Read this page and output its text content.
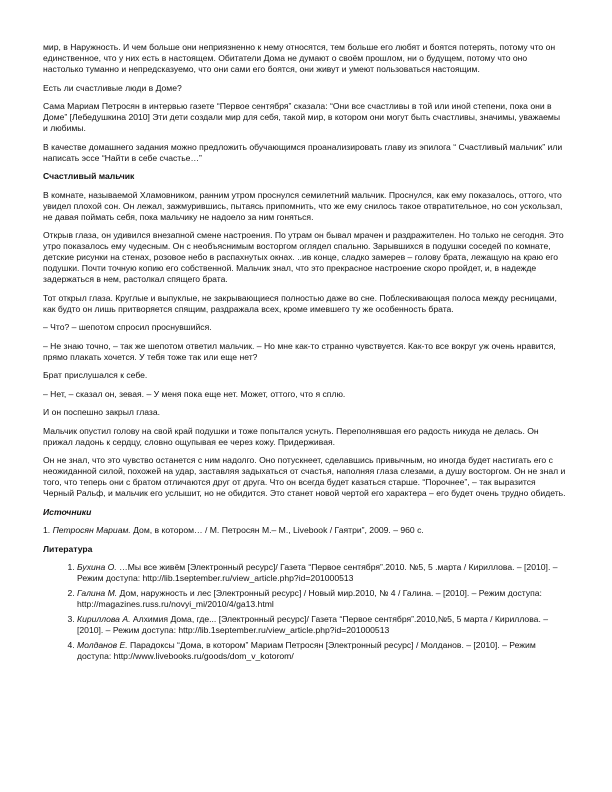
мир, в Наружность. И чем больше они неприязненно к нему относятся, тем больше его любят и боятся потерять, потому что он единственное, что у них есть в настоящем. Обитатели Дома не думают о своём прошлом, ни о будущем, потому что оно настолько туманно и непредсказуемо, что они сами его боятся, они живут и умеют пользоваться настоящим.

Есть ли счастливые люди в Доме?

Сама Мариам Петросян в интервью газете “Первое сентября” сказала: “Они все счастливы в той или иной степени, пока они в Доме” [Лебедушкина 2010] Эти дети создали мир для себя, такой мир, в котором они могут быть счастливы, значимы, уважаемы и любимы.

В качестве домашнего задания можно предложить обучающимся проанализировать главу из эпилога “ Счастливый мальчик” или написать эссе “Найти в себе счастье…”

Счастливый мальчик

В комнате, называемой Хламовником, ранним утром проснулся семилетний мальчик. Проснулся, как ему показалось, оттого, что увидел плохой сон. Он лежал, зажмурившись, пытаясь припомнить, что же ему снилось такое отвратительное, но сон ускользал, не давая поймать себя, пока мальчику не надоело за ним гоняться.

Открыв глаза, он удивился внезапной смене настроения. По утрам он бывал мрачен и раздражителен. Но только не сегодня. Это утро показалось ему чудесным. Он с необъяснимым восторгом оглядел спальню. Зарывшихся в подушки соседей по комнате, детские рисунки на стенах, розовое небо в распахнутых окнах. ..ив конце, сладко замерев – голову брата, лежащую на краю его подушки. Почти точную копию его собственной. Мальчик знал, что это прекрасное настроение скоро пройдет, и, в надежде задержаться в нем, растолкал спящего брата.

Тот открыл глаза. Круглые и выпуклые, не закрывающиеся полностью даже во сне. Поблескивающая полоса между ресницами, как будто он лишь притворяется спящим, раздражала всех, кроме имевшего ту же особенность брата.

– Что? – шепотом спросил проснувшийся.

– Не знаю точно, – так же шепотом ответил мальчик. – Но мне как-то странно чувствуется. Как-то все вокруг уж очень нравится, прямо плакать хочется. У тебя тоже так или еще нет?

Брат прислушался к себе.

– Нет, – сказал он, зевая. – У меня пока еще нет. Может, оттого, что я сплю.

И он поспешно закрыл глаза.

Мальчик опустил голову на свой край подушки и тоже попытался уснуть. Переполнявшая его радость никуда не делась. Он прижал ладонь к сердцу, словно ощупывая ее через кожу. Придерживая.

Он не знал, что это чувство останется с ним надолго. Оно потускнеет, сделавшись привычным, но иногда будет настигать его с неожиданной силой, похожей на удар, заставляя задыхаться от счастья, наполняя глаза слезами, а душу восторгом. Он не знал и того, что теперь они с братом отличаются друг от друга. Что он всегда будет казаться старше. “Порочнее”, – так выразится Черный Ральф, и мальчик его услышит, но не обидится. Это станет новой чертой его характера – его будет очень трудно обидеть.

Источники

1. Петросян Мариам. Дом, в котором… / М. Петросян М.– М., Livebook / Гаятри”, 2009. – 960 с.

Литература
1. Бухина О. …Мы все живём [Электронный ресурс]/ Газета “Первое сентября”.2010. №5, 5 .марта / Кириллова. – [2010]. – Режим доступа: http://lib.1september.ru/view_article.php?id=201000513
2. Галина М. Дом, наружность и лес [Электронный ресурс] / Новый мир.2010, № 4 / Галина. – [2010]. – Режим доступа: http://magazines.russ.ru/novyi_mi/2010/4/ga13.html
3. Кириллова А. Алхимия Дома, где... [Электронный ресурс]/ Газета “Первое сентября”.2010,№5, 5 марта / Кириллова. – [2010]. – Режим доступа: http://lib.1september.ru/view_article.php?id=201000513
4. Молданов Е. Парадоксы “Дома, в котором” Мариам Петросян [Электронный ресурс] / Молданов. – [2010]. – Режим доступа: http://www.livebooks.ru/goods/dom_v_kotorom/
